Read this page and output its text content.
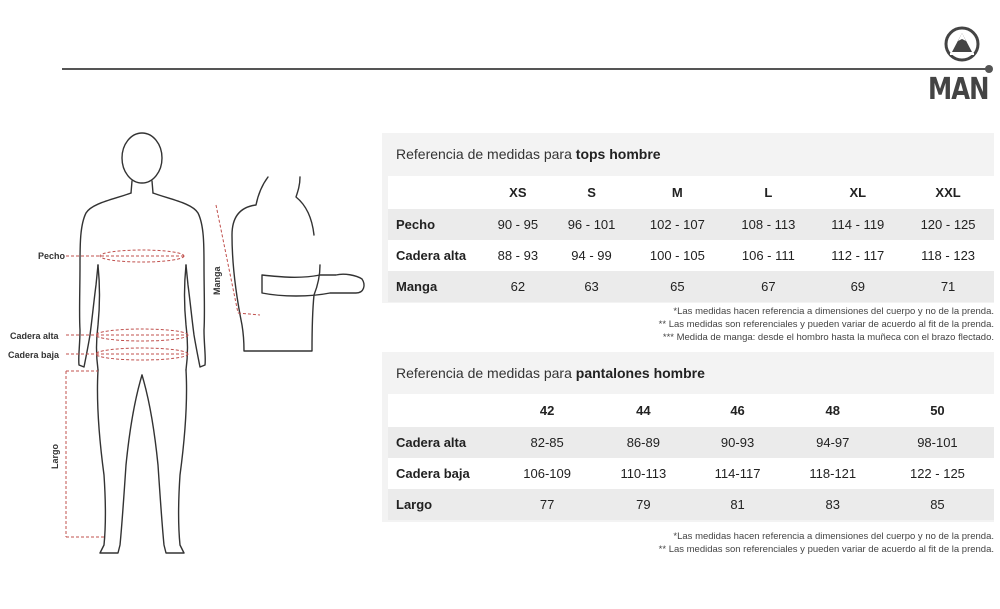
MAN
Pecho
Cadera alta
Cadera baja
Largo
Manga
Referencia de medidas para tops hombre
	XS	S	M	L	XL	XXL
Pecho	90 - 95	96 - 101	102 - 107	108 - 113	114 - 119	120 - 125
Cadera alta	88 - 93	94 - 99	100 - 105	106 - 111	112 - 117	118 - 123
Manga	62	63	65	67	69	71
*Las medidas hacen referencia a dimensiones del cuerpo y no de la prenda.
** Las medidas son referenciales y pueden variar de acuerdo al fit de la prenda.
*** Medida de manga: desde el hombro hasta la muñeca con el brazo flectado.
Referencia de medidas para pantalones hombre
	42	44	46	48	50
Cadera alta	82-85	86-89	90-93	94-97	98-101
Cadera baja	106-109	110-113	114-117	118-121	122 - 125
Largo	77	79	81	83	85
*Las medidas hacen referencia a dimensiones del cuerpo y no de la prenda.
** Las medidas son referenciales y pueden variar de acuerdo al fit de la prenda.
